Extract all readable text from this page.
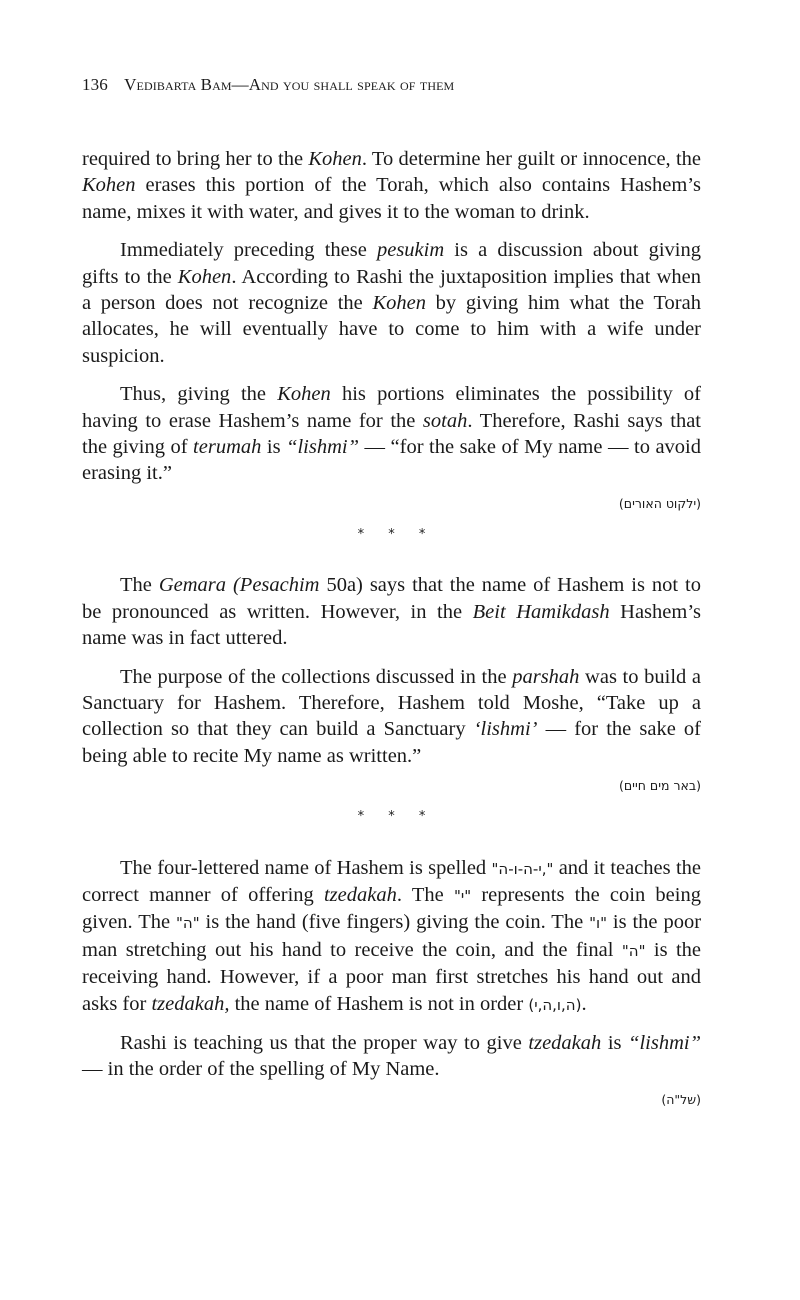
136 Vedibarta Bam—And you shall speak of them

required to bring her to the Kohen. To determine her guilt or innocence, the Kohen erases this portion of the Torah, which also contains Hashem’s name, mixes it with water, and gives it to the woman to drink.

Immediately preceding these pesukim is a discussion about giving gifts to the Kohen. According to Rashi the juxtaposition implies that when a person does not recognize the Kohen by giving him what the Torah allocates, he will eventually have to come to him with a wife under suspicion.

Thus, giving the Kohen his portions eliminates the possibility of having to erase Hashem’s name for the sotah. Therefore, Rashi says that the giving of terumah is “lishmi” — “for the sake of My name — to avoid erasing it.”

(ילקוט האורים)
* * *

The Gemara (Pesachim 50a) says that the name of Hashem is not to be pronounced as written. However, in the Beit Hamikdash Hashem’s name was in fact uttered.

The purpose of the collections discussed in the parshah was to build a Sanctuary for Hashem. Therefore, Hashem told Moshe, “Take up a collection so that they can build a Sanctuary ‘lishmi’ — for the sake of being able to recite My name as written.”

(באר מים חיים)
* * *

The four-lettered name of Hashem is spelled "י-ה-ו-ה," and it teaches the correct manner of offering tzedakah. The "י" represents the coin being given. The "ה" is the hand (five fingers) giving the coin. The "ו" is the poor man stretching out his hand to receive the coin, and the final "ה" is the receiving hand. However, if a poor man first stretches his hand out and asks for tzedakah, the name of Hashem is not in order (ה,ו,ה,י).

Rashi is teaching us that the proper way to give tzedakah is “lishmi” — in the order of the spelling of My Name.

(של"ה)
